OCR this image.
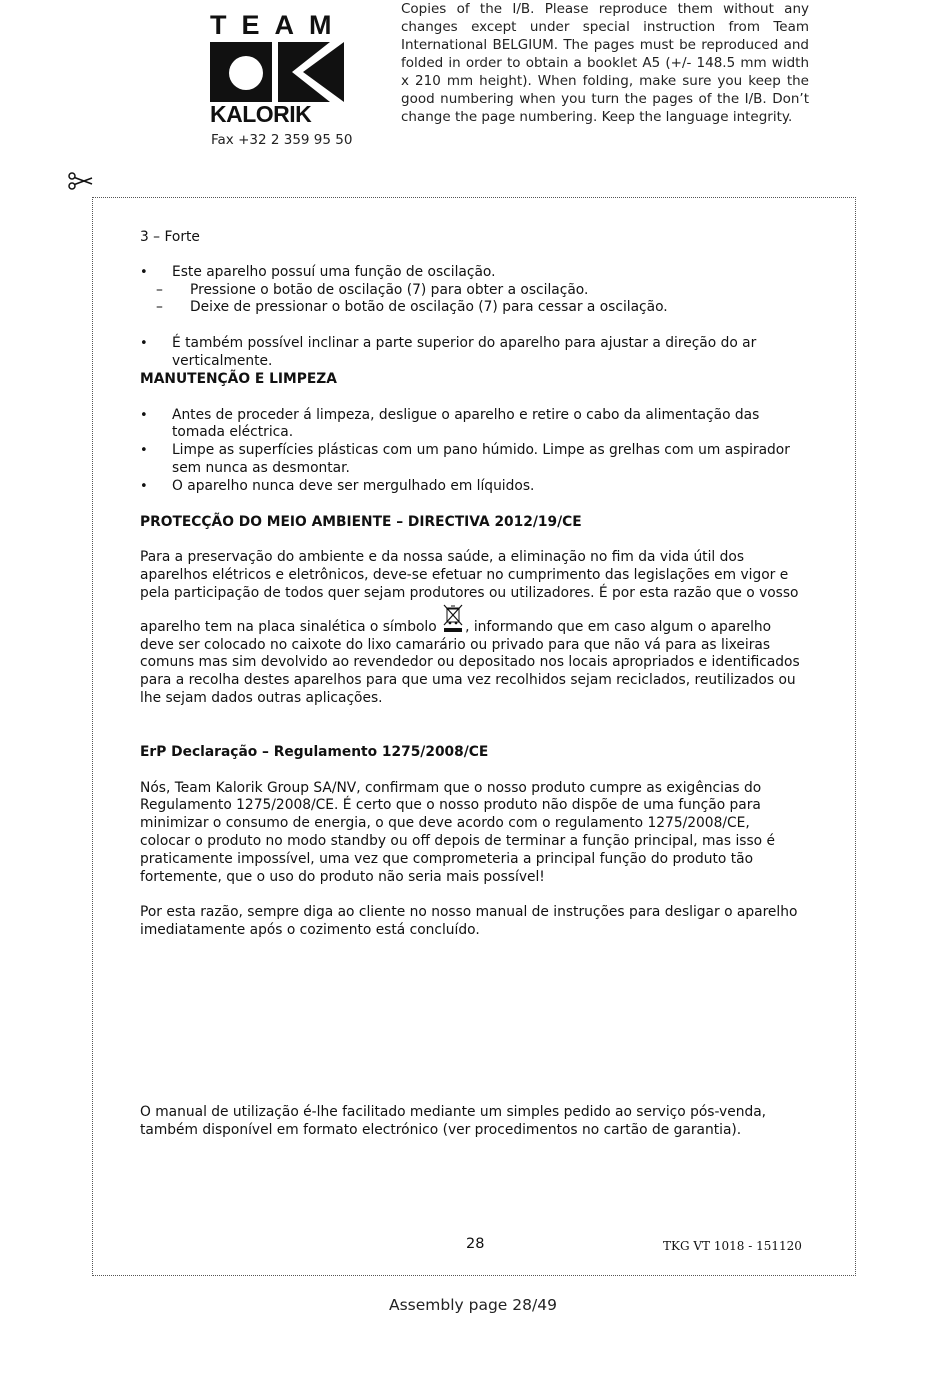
TEAM
KALORIK
Fax +32 2 359 95 50
Copies of the I/B. Please reproduce them without any changes except under special instruction from Team International BELGIUM. The pages must be reproduced and folded in order to obtain a booklet A5 (+/- 148.5 mm width x 210 mm height). When folding, make sure you keep the good numbering when you turn the pages of the I/B. Don’t change the page numbering. Keep the language integrity.

3 – Forte

• Este aparelho possuí uma função de oscilação.
– Pressione o botão de oscilação (7) para obter a oscilação.
– Deixe de pressionar o botão de oscilação (7) para cessar a oscilação.
• É também possível inclinar a parte superior do aparelho para ajustar a direção do ar verticalmente.

MANUTENÇÃO E LIMPEZA

• Antes de proceder á limpeza, desligue o aparelho e retire o cabo da alimentação das tomada eléctrica.
• Limpe as superfícies plásticas com um pano húmido. Limpe as grelhas com um aspirador sem nunca as desmontar.
• O aparelho nunca deve ser mergulhado em líquidos.

PROTECÇÃO DO MEIO AMBIENTE – DIRECTIVA 2012/19/CE

Para a preservação do ambiente e da nossa saúde, a eliminação no fim da vida útil dos aparelhos elétricos e eletrônicos, deve-se efetuar no cumprimento das legislações em vigor e pela participação de todos quer sejam produtores ou utilizadores. É por esta razão que o vosso aparelho tem na placa sinalética o símbolo , informando que em caso algum o aparelho deve ser colocado no caixote do lixo camarário ou privado para que não vá para as lixeiras comuns mas sim devolvido ao revendedor ou depositado nos locais apropriados e identificados para a recolha destes aparelhos para que uma vez recolhidos sejam reciclados, reutilizados ou lhe sejam dados outras aplicações.

ErP Declaração – Regulamento 1275/2008/CE

Nós, Team Kalorik Group SA/NV, confirmam que o nosso produto cumpre as exigências do Regulamento 1275/2008/CE. É certo que o nosso produto não dispõe de uma função para minimizar o consumo de energia, o que deve acordo com o regulamento 1275/2008/CE, colocar o produto no modo standby ou off depois de terminar a função principal, mas isso é praticamente impossível, uma vez que comprometeria a principal função do produto tão fortemente, que o uso do produto não seria mais possível!

Por esta razão, sempre diga ao cliente no nosso manual de instruções para desligar o aparelho imediatamente após o cozimento está concluído.

O manual de utilização é-lhe facilitado mediante um simples pedido ao serviço pós-venda, também disponível em formato electrónico (ver procedimentos no cartão de garantia).

28	TKG VT 1018 - 151120
Assembly page 28/49
